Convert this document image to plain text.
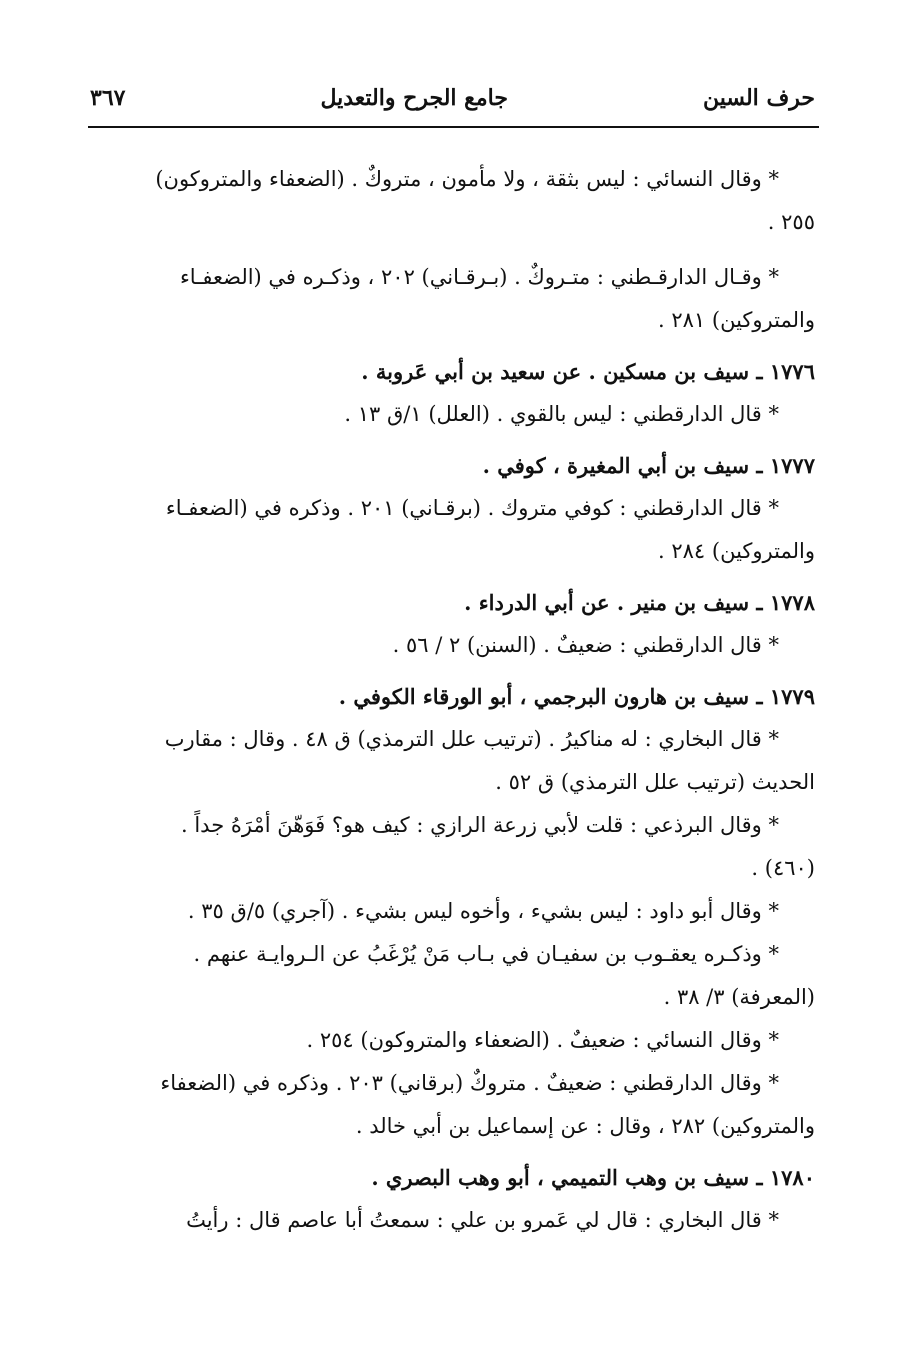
حرف السين
جامع الجرح والتعديل
٣٦٧

* وقال النسائي : ليس بثقة ، ولا مأمون ، متروكٌ . (الضعفاء والمتروكون)

٢٥٥ .

* وقـال الدارقـطني : متـروكٌ . (بـرقـاني) ٢٠٢ ، وذكـره في (الضعفـاء

والمتروكين) ٢٨١ .

١٧٧٦ ـ سيف بن مسكين . عن سعيد بن أبي عَروبة .

* قال الدارقطني : ليس بالقوي . (العلل) ١/ق ١٣ .

١٧٧٧ ـ سيف بن أبي المغيرة ، كوفي .

* قال الدارقطني : كوفي متروك . (برقـاني) ٢٠١ . وذكره في (الضعفـاء

والمتروكين) ٢٨٤ .

١٧٧٨ ـ سيف بن منير . عن أبي الدرداء .

* قال الدارقطني : ضعيفٌ . (السنن) ٢ / ٥٦ .

١٧٧٩ ـ سيف بن هارون البرجمي ، أبو الورقاء الكوفي .

* قال البخاري : له مناكيرُ . (ترتيب علل الترمذي) ق ٤٨ . وقال : مقارب

الحديث (ترتيب علل الترمذي) ق ٥٢ .

* وقال البرذعي : قلت لأبي زرعة الرازي : كيف هو؟ فَوَهّنَ أمْرَهُ جداً .

(٤٦٠) .

* وقال أبو داود : ليس بشيء ، وأخوه ليس بشيء . (آجري) ٥/ق ٣٥ .

* وذكـره يعقـوب بن سفيـان في بـاب مَنْ يُرْغَبُ عن الـروايـة عنهم .

(المعرفة) ٣/ ٣٨ .

* وقال النسائي : ضعيفٌ . (الضعفاء والمتروكون) ٢٥٤ .

* وقال الدارقطني : ضعيفٌ . متروكٌ (برقاني) ٢٠٣ . وذكره في (الضعفاء

والمتروكين) ٢٨٢ ، وقال : عن إسماعيل بن أبي خالد .

١٧٨٠ ـ سيف بن وهب التميمي ، أبو وهب البصري .

* قال البخاري : قال لي عَمرو بن علي : سمعتُ أبا عاصم قال : رأيتُ
